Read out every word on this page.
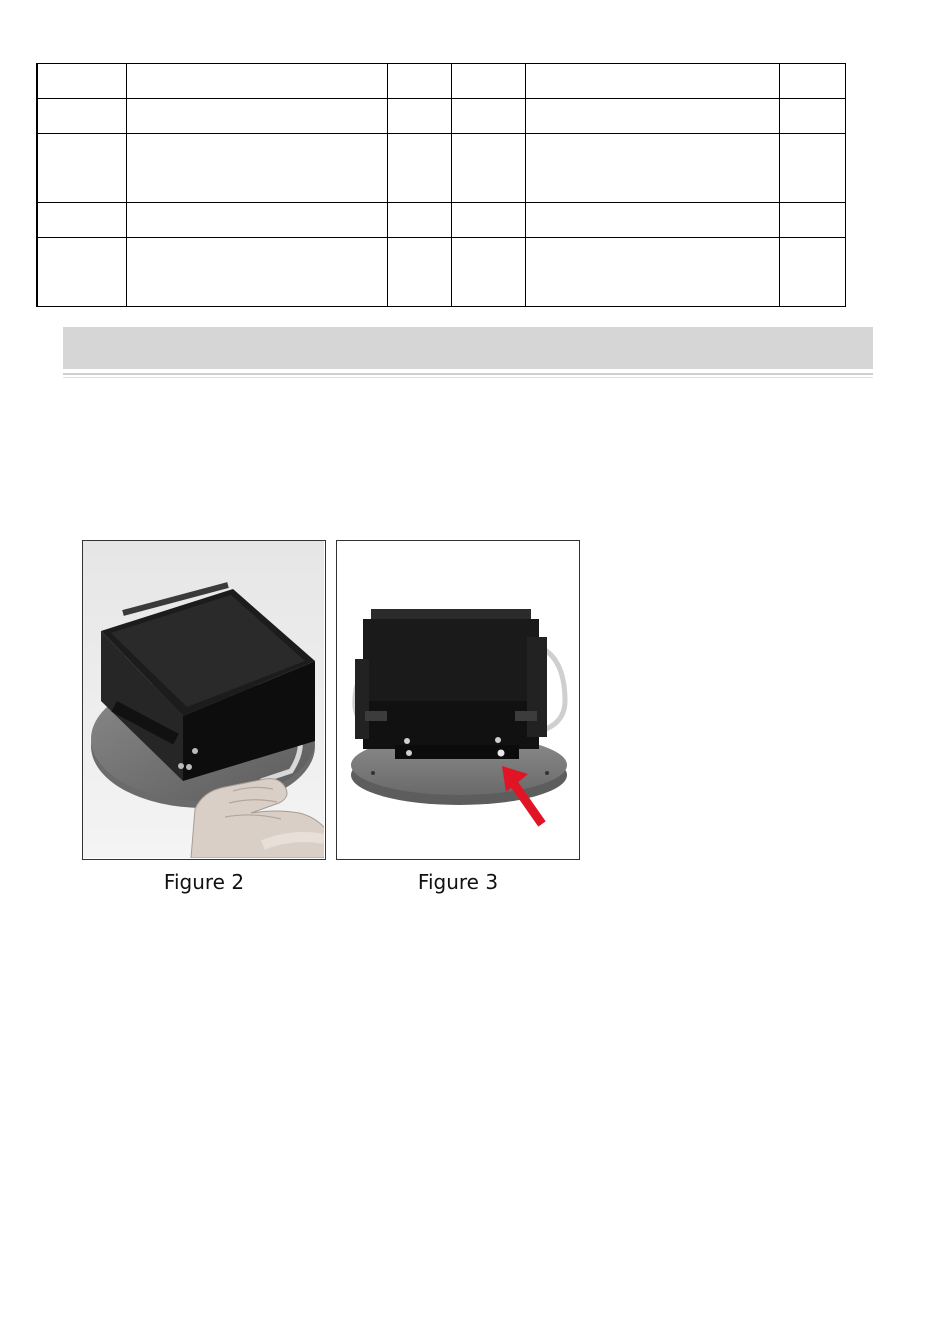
Figure 2	Figure 3
